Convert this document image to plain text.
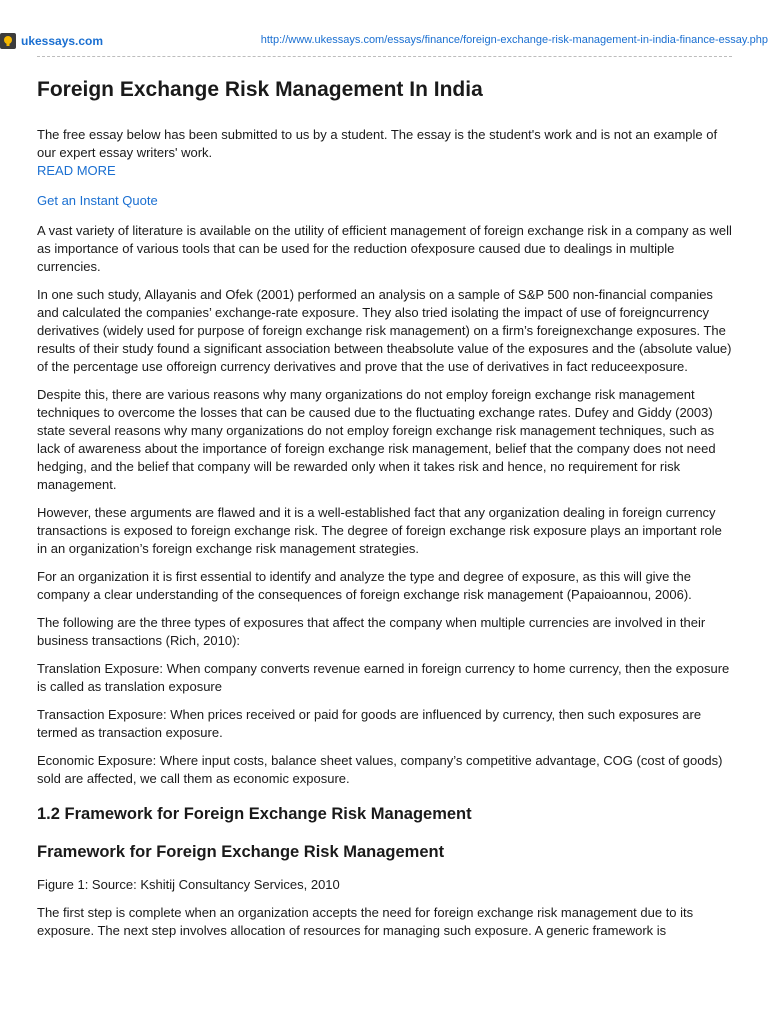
ukessays.com	http://www.ukessays.com/essays/finance/foreign-exchange-risk-management-in-india-finance-essay.php
Foreign Exchange Risk Management In India

The free essay below has been submitted to us by a student. The essay is the student's work and is not an example of our expert essay writers' work.

READ MORE
Get an Instant Quote

A vast variety of literature is available on the utility of efficient management of foreign exchange risk in a company as well as importance of various tools that can be used for the reduction ofexposure caused due to dealings in multiple currencies.

In one such study, Allayanis and Ofek (2001) performed an analysis on a sample of S&P 500 non-financial companies and calculated the companies’ exchange-rate exposure. They also tried isolating the impact of use of foreigncurrency derivatives (widely used for purpose of foreign exchange risk management) on a firm’s foreignexchange exposures. The results of their study found a significant association between theabsolute value of the exposures and the (absolute value) of the percentage use offoreign currency derivatives and prove that the use of derivatives in fact reduceexposure.

Despite this, there are various reasons why many organizations do not employ foreign exchange risk management techniques to overcome the losses that can be caused due to the fluctuating exchange rates. Dufey and Giddy (2003) state several reasons why many organizations do not employ foreign exchange risk management techniques, such as lack of awareness about the importance of foreign exchange risk management, belief that the company does not need hedging, and the belief that company will be rewarded only when it takes risk and hence, no requirement for risk management.

However, these arguments are flawed and it is a well-established fact that any organization dealing in foreign currency transactions is exposed to foreign exchange risk. The degree of foreign exchange risk exposure plays an important role in an organization’s foreign exchange risk management strategies.

For an organization it is first essential to identify and analyze the type and degree of exposure, as this will give the company a clear understanding of the consequences of foreign exchange risk management (Papaioannou, 2006).

The following are the three types of exposures that affect the company when multiple currencies are involved in their business transactions (Rich, 2010):

Translation Exposure: When company converts revenue earned in foreign currency to home currency, then the exposure is called as translation exposure

Transaction Exposure: When prices received or paid for goods are influenced by currency, then such exposures are termed as transaction exposure.

Economic Exposure: Where input costs, balance sheet values, company’s competitive advantage, COG (cost of goods) sold are affected, we call them as economic exposure.

1.2 Framework for Foreign Exchange Risk Management
Framework for Foreign Exchange Risk Management

Figure 1: Source: Kshitij Consultancy Services, 2010

The first step is complete when an organization accepts the need for foreign exchange risk management due to its exposure. The next step involves allocation of resources for managing such exposure. A generic framework is
